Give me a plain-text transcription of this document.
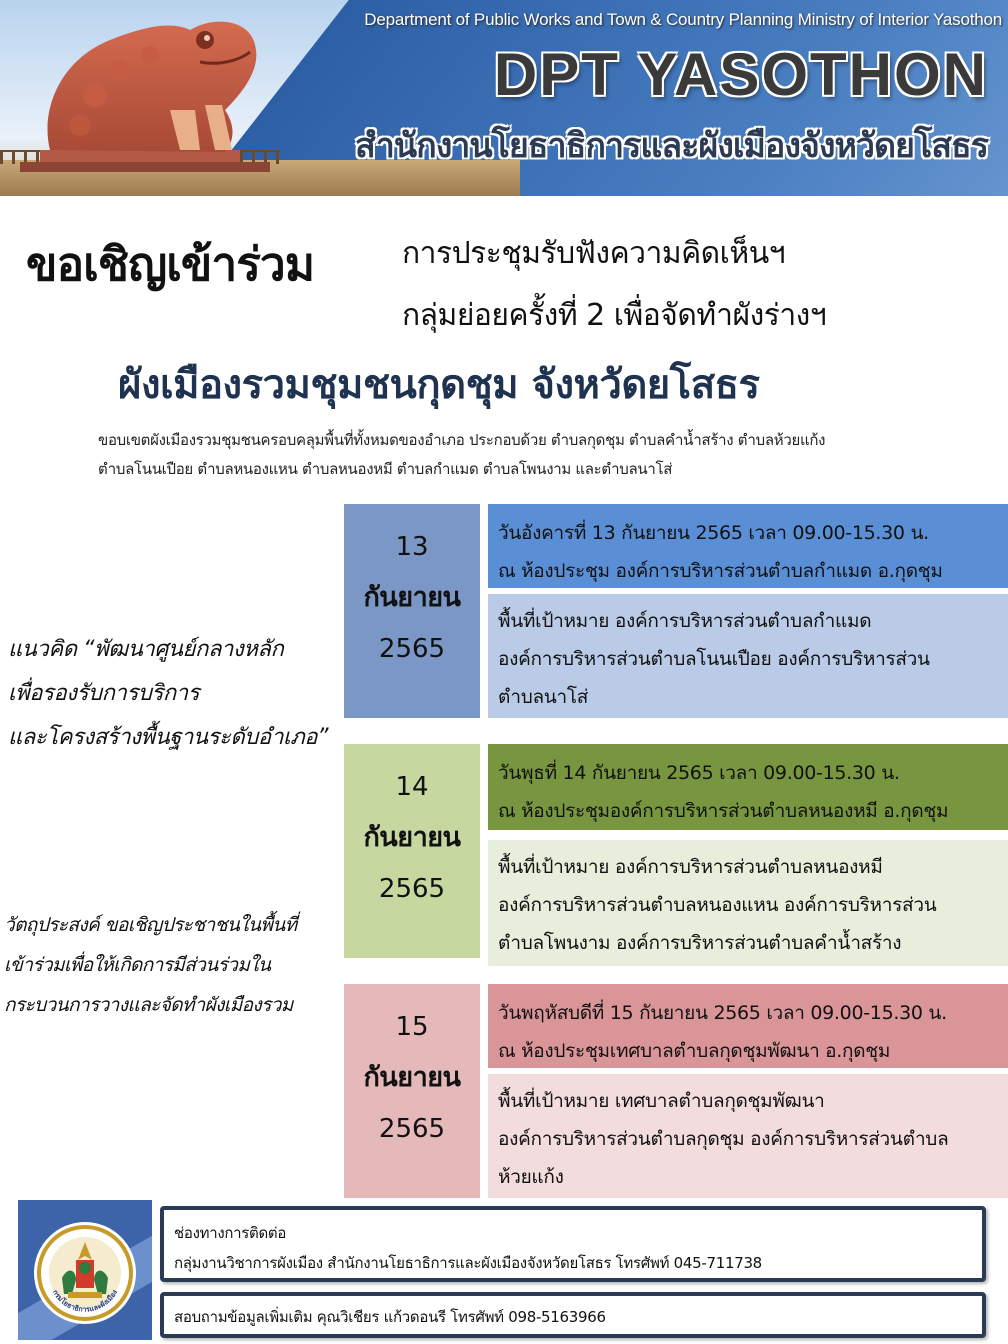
Department of Public Works and Town & Country Planning Ministry of Interior Yasothon
DPT YASOTHON
สำนักงานโยธาธิการและผังเมืองจังหวัดยโสธร
ขอเชิญเข้าร่วม	การประชุมรับฟังความคิดเห็นฯ
กลุ่มย่อยครั้งที่ 2 เพื่อจัดทำผังร่างฯ
ผังเมืองรวมชุมชนกุดชุม จังหวัดยโสธร
ขอบเขตผังเมืองรวมชุมชนครอบคลุมพื้นที่ทั้งหมดของอำเภอ ประกอบด้วย ตำบลกุดชุม ตำบลคำน้ำสร้าง ตำบลห้วยแก้ง
ตำบลโนนเปือย ตำบลหนองแหน ตำบลหนองหมี ตำบลกำแมด ตำบลโพนงาม และตำบลนาโส่
แนวคิด “พัฒนาศูนย์กลางหลัก
เพื่อรองรับการบริการ
และโครงสร้างพื้นฐานระดับอำเภอ”
วัตถุประสงค์ ขอเชิญประชาชนในพื้นที่
เข้าร่วมเพื่อให้เกิดการมีส่วนร่วมใน
กระบวนการวางและจัดทำผังเมืองรวม
13
กันยายน
2565
วันอังคารที่ 13 กันยายน 2565 เวลา 09.00-15.30 น.
ณ ห้องประชุม องค์การบริหารส่วนตำบลกำแมด อ.กุดชุม
พื้นที่เป้าหมาย องค์การบริหารส่วนตำบลกำแมด
องค์การบริหารส่วนตำบลโนนเปือย องค์การบริหารส่วน
ตำบลนาโส่
14
กันยายน
2565
วันพุธที่ 14 กันยายน 2565 เวลา 09.00-15.30 น.
ณ ห้องประชุมองค์การบริหารส่วนตำบลหนองหมี อ.กุดชุม
พื้นที่เป้าหมาย องค์การบริหารส่วนตำบลหนองหมี
องค์การบริหารส่วนตำบลหนองแหน องค์การบริหารส่วน
ตำบลโพนงาม องค์การบริหารส่วนตำบลคำน้ำสร้าง
15
กันยายน
2565
วันพฤหัสบดีที่ 15 กันยายน 2565 เวลา 09.00-15.30 น.
ณ ห้องประชุมเทศบาลตำบลกุดชุมพัฒนา อ.กุดชุม
พื้นที่เป้าหมาย เทศบาลตำบลกุดชุมพัฒนา
องค์การบริหารส่วนตำบลกุดชุม องค์การบริหารส่วนตำบล
ห้วยแก้ง
กรมโยธาธิการและผังเมือง
ช่องทางการติดต่อ
กลุ่มงานวิชาการผังเมือง สำนักงานโยธาธิการและผังเมืองจังหวัดยโสธร โทรศัพท์ 045-711738
สอบถามข้อมูลเพิ่มเติม คุณวิเชียร แก้วดอนรี โทรศัพท์ 098-5163966
